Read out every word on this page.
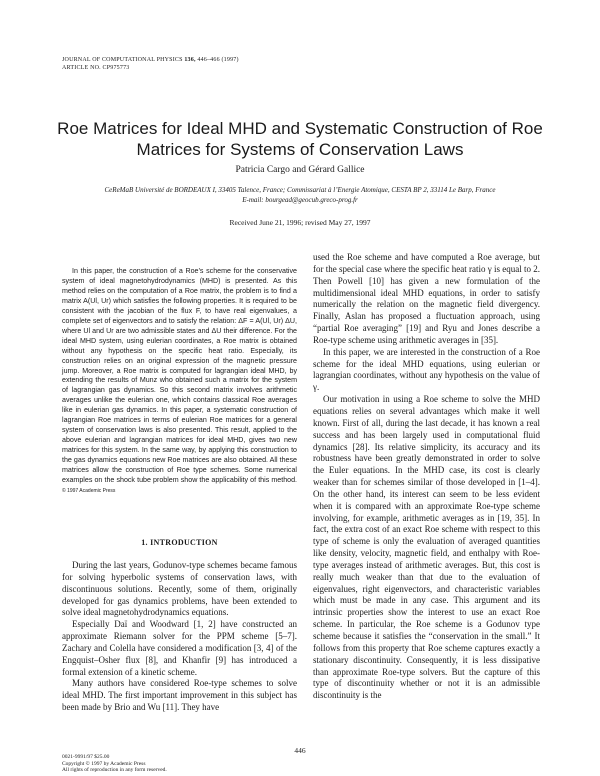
JOURNAL OF COMPUTATIONAL PHYSICS 136, 446–466 (1997)
ARTICLE NO. CP975773
Roe Matrices for Ideal MHD and Systematic Construction of Roe
Matrices for Systems of Conservation Laws
Patricia Cargo and Gérard Gallice
CeReMaB Université de BORDEAUX I, 33405 Talence, France; Commissariat à l’Energie Atomique, CESTA BP 2, 33114 Le Barp, France
E-mail: bourgead@geocub.greco-prog.fr
Received June 21, 1996; revised May 27, 1997
In this paper, the construction of a Roe’s scheme for the conservative system of ideal magnetohydrodynamics (MHD) is presented. As this method relies on the computation of a Roe matrix, the problem is to find a matrix A(Ul, Ur) which satisfies the following properties. It is required to be consistent with the jacobian of the flux F, to have real eigenvalues, a complete set of eigenvectors and to satisfy the relation: ΔF = A(Ul, Ur) ΔU, where Ul and Ur are two admissible states and ΔU their difference. For the ideal MHD system, using eulerian coordinates, a Roe matrix is obtained without any hypothesis on the specific heat ratio. Especially, its construction relies on an original expression of the magnetic pressure jump. Moreover, a Roe matrix is computed for lagrangian ideal MHD, by extending the results of Munz who obtained such a matrix for the system of lagrangian gas dynamics. So this second matrix involves arithmetic averages unlike the eulerian one, which contains classical Roe averages like in eulerian gas dynamics. In this paper, a systematic construction of lagrangian Roe matrices in terms of eulerian Roe matrices for a general system of conservation laws is also presented. This result, applied to the above eulerian and lagrangian matrices for ideal MHD, gives two new matrices for this system. In the same way, by applying this construction to the gas dynamics equations new Roe matrices are also obtained. All these matrices allow the construction of Roe type schemes. Some numerical examples on the shock tube problem show the applicability of this method. © 1997 Academic Press
1. INTRODUCTION

During the last years, Godunov-type schemes became famous for solving hyperbolic systems of conservation laws, with discontinuous solutions. Recently, some of them, originally developed for gas dynamics problems, have been extended to solve ideal magnetohydrodynamics equations.

Especially Daï and Woodward [1, 2] have constructed an approximate Riemann solver for the PPM scheme [5–7]. Zachary and Colella have considered a modification [3, 4] of the Engquist–Osher flux [8], and Khanfir [9] has introduced a formal extension of a kinetic scheme.

Many authors have considered Roe-type schemes to solve ideal MHD. The first important improvement in this subject has been made by Brio and Wu [11]. They have

used the Roe scheme and have computed a Roe average, but for the special case where the specific heat ratio γ is equal to 2. Then Powell [10] has given a new formulation of the multidimensional ideal MHD equations, in order to satisfy numerically the relation on the magnetic field divergency. Finally, Aslan has proposed a fluctuation approach, using “partial Roe averaging” [19] and Ryu and Jones describe a Roe-type scheme using arithmetic averages in [35].

In this paper, we are interested in the construction of a Roe scheme for the ideal MHD equations, using eulerian or lagrangian coordinates, without any hypothesis on the value of γ.

Our motivation in using a Roe scheme to solve the MHD equations relies on several advantages which make it well known. First of all, during the last decade, it has known a real success and has been largely used in computational fluid dynamics [28]. Its relative simplicity, its accuracy and its robustness have been greatly demonstrated in order to solve the Euler equations. In the MHD case, its cost is clearly weaker than for schemes similar of those developed in [1–4]. On the other hand, its interest can seem to be less evident when it is compared with an approximate Roe-type scheme involving, for example, arithmetic averages as in [19, 35]. In fact, the extra cost of an exact Roe scheme with respect to this type of scheme is only the evaluation of averaged quantities like density, velocity, magnetic field, and enthalpy with Roe-type averages instead of arithmetic averages. But, this cost is really much weaker than that due to the evaluation of eigenvalues, right eigenvectors, and characteristic variables which must be made in any case. This argument and its intrinsic properties show the interest to use an exact Roe scheme. In particular, the Roe scheme is a Godunov type scheme because it satisfies the “conservation in the small.” It follows from this property that Roe scheme captures exactly a stationary discontinuity. Consequently, it is less dissipative than approximate Roe-type solvers. But the capture of this type of discontinuity whether or not it is an admissible discontinuity is the

446
0021-9991/97 $25.00
Copyright © 1997 by Academic Press
All rights of reproduction in any form reserved.
